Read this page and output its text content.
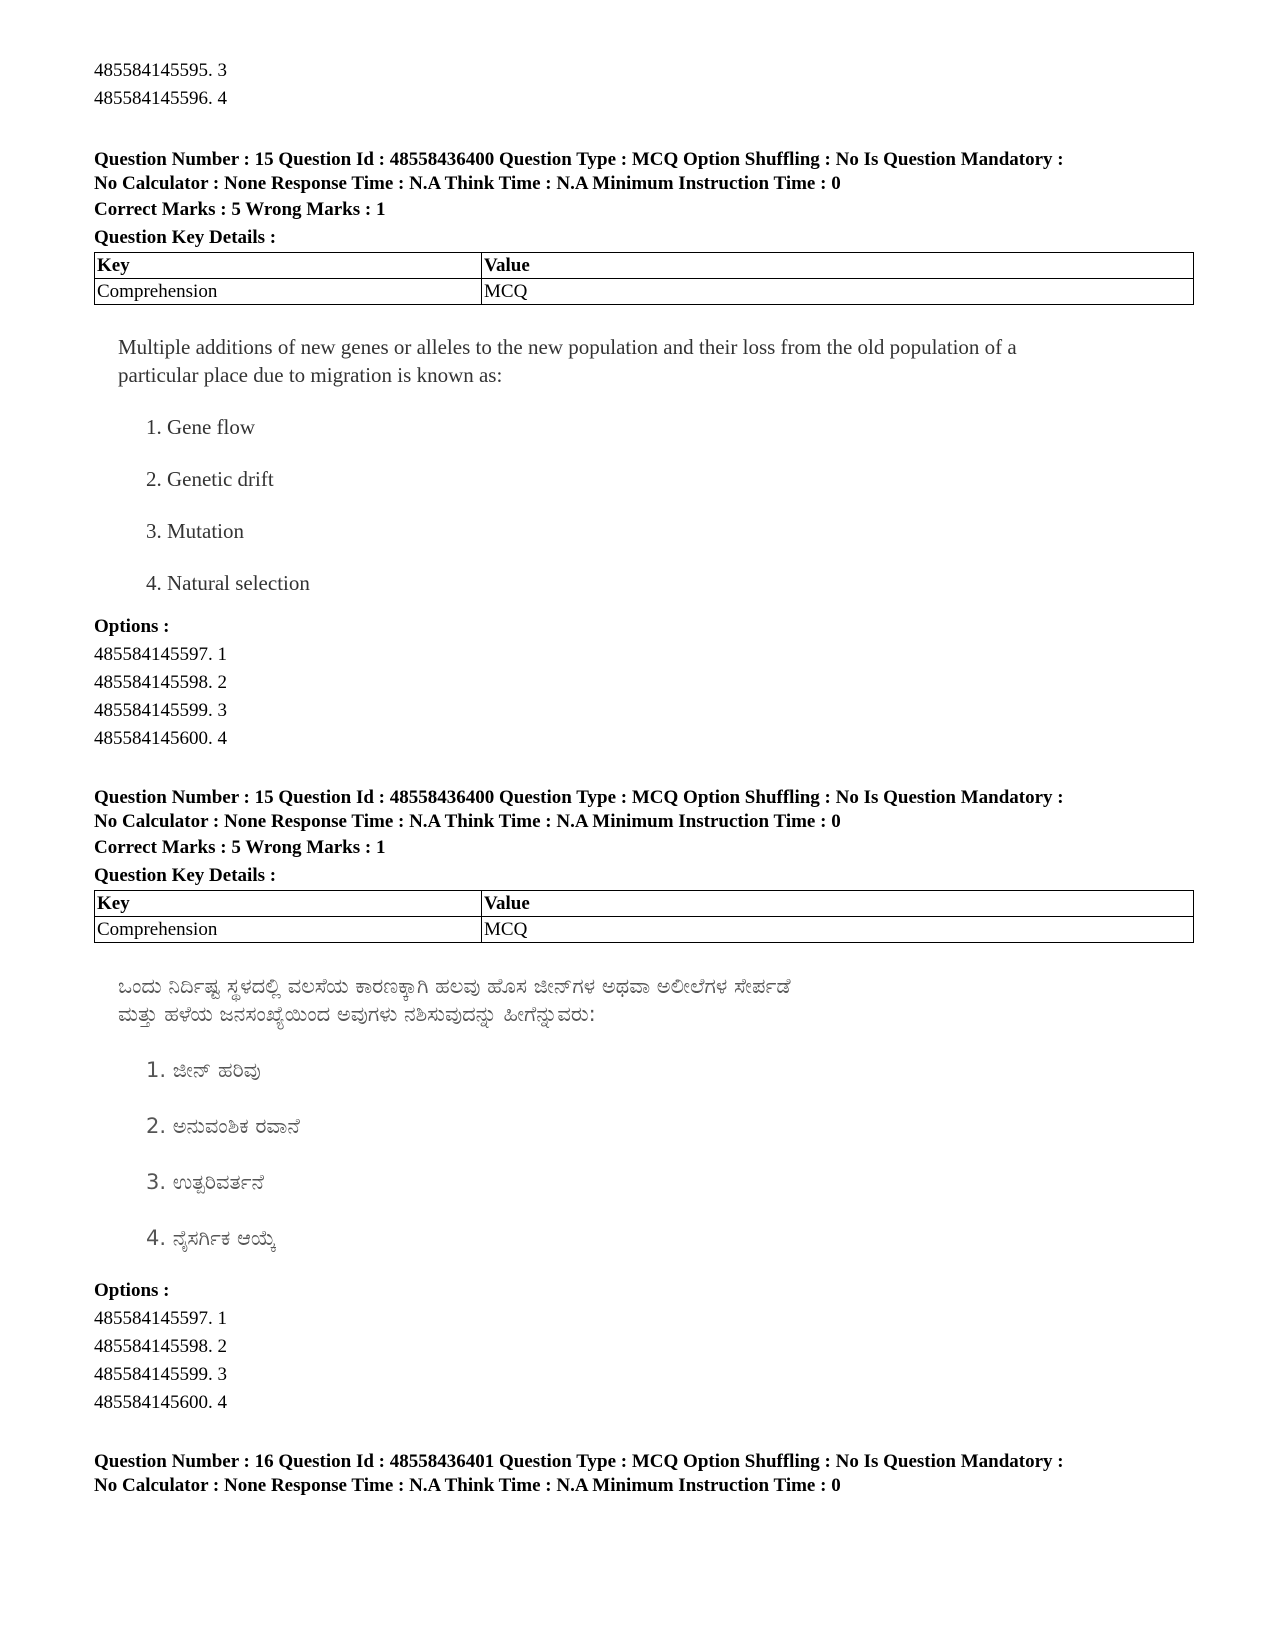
485584145595. 3
485584145596. 4
Question Number : 15 Question Id : 48558436400 Question Type : MCQ Option Shuffling : No Is Question Mandatory :
No Calculator : None Response Time : N.A Think Time : N.A Minimum Instruction Time : 0
Correct Marks : 5 Wrong Marks : 1
Question Key Details :
Key	Value
Comprehension	MCQ
Multiple additions of new genes or alleles to the new population and their loss from the old population of a
particular place due to migration is known as:
1. Gene flow
2. Genetic drift
3. Mutation
4. Natural selection
Options :
485584145597. 1
485584145598. 2
485584145599. 3
485584145600. 4
Question Number : 15 Question Id : 48558436400 Question Type : MCQ Option Shuffling : No Is Question Mandatory :
No Calculator : None Response Time : N.A Think Time : N.A Minimum Instruction Time : 0
Correct Marks : 5 Wrong Marks : 1
Question Key Details :
Key	Value
Comprehension	MCQ
ಒಂದು ನಿರ್ದಿಷ್ಟ ಸ್ಥಳದಲ್ಲಿ ವಲಸೆಯ ಕಾರಣಕ್ಕಾಗಿ ಹಲವು ಹೊಸ ಜೀನ್‌ಗಳ ಅಥವಾ ಅಲೀಲೆಗಳ ಸೇರ್ಪಡೆ
ಮತ್ತು ಹಳೆಯ ಜನಸಂಖ್ಯೆಯಿಂದ ಅವುಗಳು ನಶಿಸುವುದನ್ನು ಹೀಗೆನ್ನುವರು:
1. ಜೀನ್ ಹರಿವು
2. ಅನುವಂಶಿಕ ರವಾನೆ
3. ಉತ್ಪರಿವರ್ತನೆ
4. ನೈಸರ್ಗಿಕ ಆಯ್ಕೆ
Options :
485584145597. 1
485584145598. 2
485584145599. 3
485584145600. 4
Question Number : 16 Question Id : 48558436401 Question Type : MCQ Option Shuffling : No Is Question Mandatory :
No Calculator : None Response Time : N.A Think Time : N.A Minimum Instruction Time : 0
